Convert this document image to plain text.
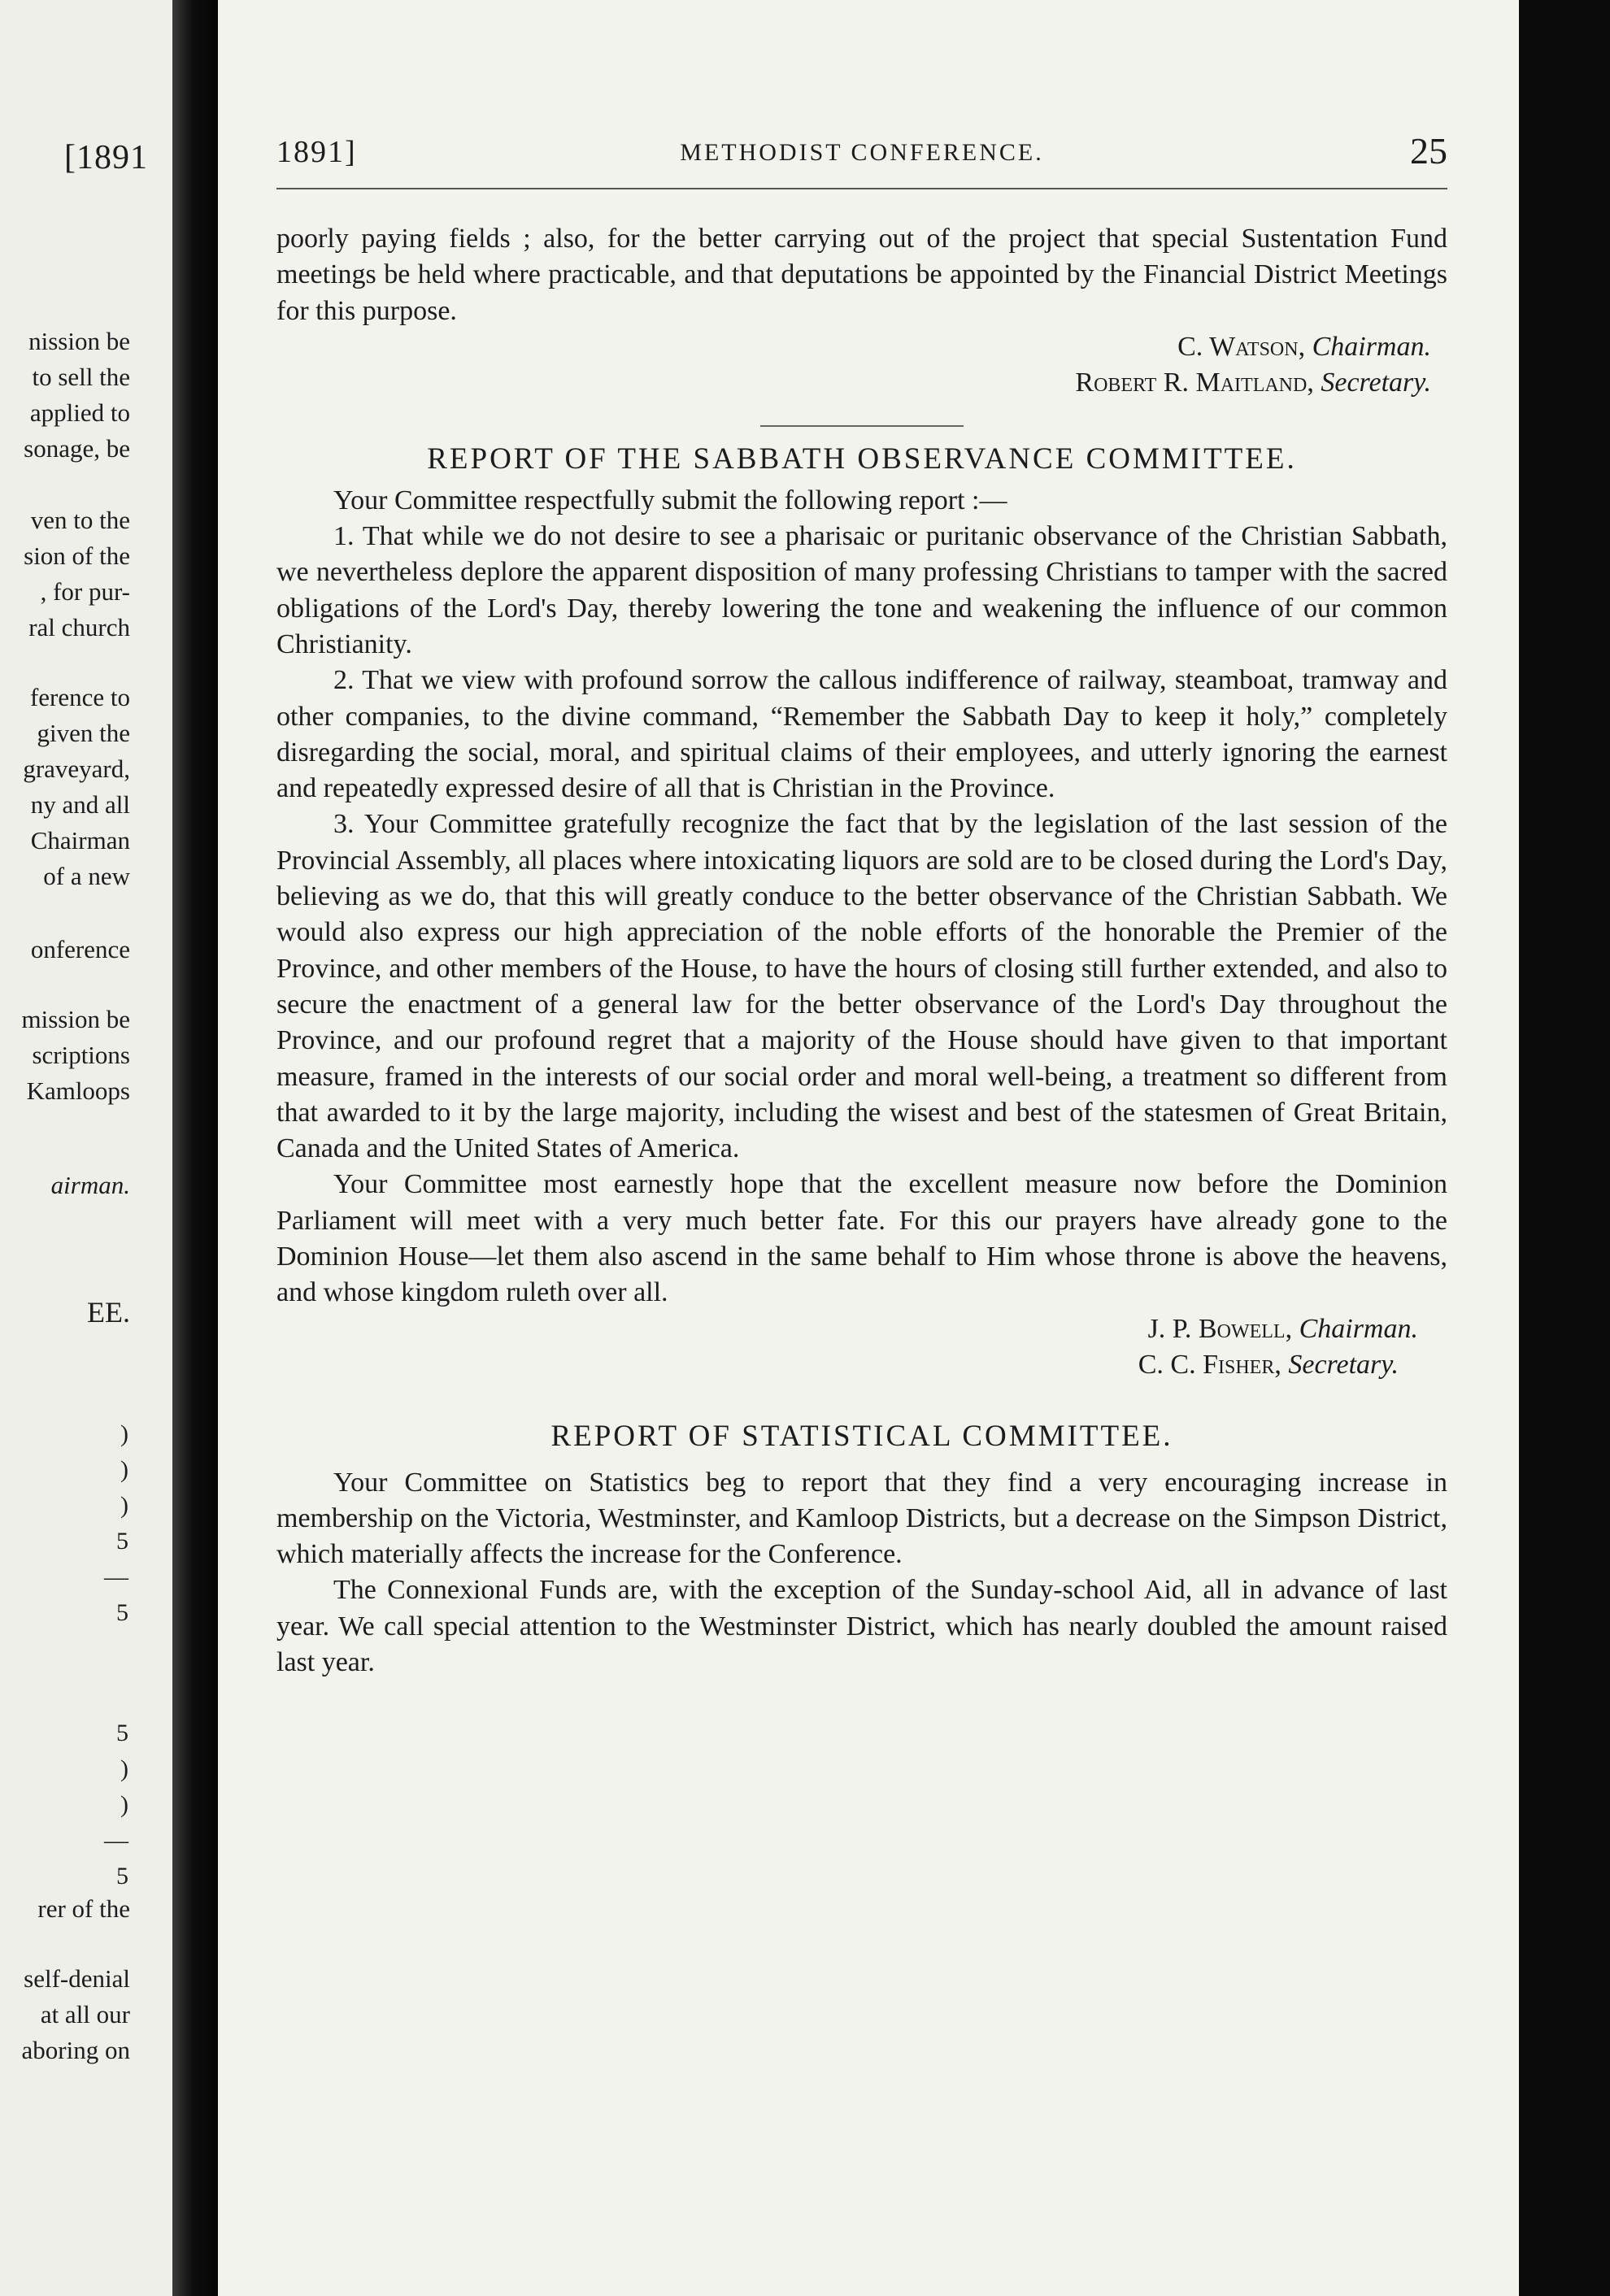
[1891
nission be
to sell the
applied to
sonage, be
ven to the
sion of the
, for pur-
ral church
ference to
given the
graveyard,
ny and all
Chairman
of a new
onference
mission be
scriptions
Kamloops
airman.
EE.
)
)
)
5
—
5
5
)
)
—
5
rer of the
self-denial
at all our
aboring on
1891]	METHODIST CONFERENCE.	25

poorly paying fields ; also, for the better carrying out of the project that special Sustentation Fund meetings be held where practicable, and that deputations be appointed by the Financial District Meetings for this purpose.

C. Watson, Chairman.

Robert R. Maitland, Secretary.

REPORT OF THE SABBATH OBSERVANCE COMMITTEE.

Your Committee respectfully submit the following report :—

1. That while we do not desire to see a pharisaic or puritanic observance of the Christian Sabbath, we nevertheless deplore the apparent disposition of many professing Christians to tamper with the sacred obligations of the Lord's Day, thereby lowering the tone and weakening the influence of our common Christianity.

2. That we view with profound sorrow the callous indifference of railway, steamboat, tramway and other companies, to the divine command, “Remember the Sabbath Day to keep it holy,” completely disregarding the social, moral, and spiritual claims of their employees, and utterly ignoring the earnest and repeatedly expressed desire of all that is Christian in the Province.

3. Your Committee gratefully recognize the fact that by the legislation of the last session of the Provincial Assembly, all places where intoxicating liquors are sold are to be closed during the Lord's Day, believing as we do, that this will greatly conduce to the better observance of the Christian Sabbath. We would also express our high appreciation of the noble efforts of the honorable the Premier of the Province, and other members of the House, to have the hours of closing still further extended, and also to secure the enactment of a general law for the better observance of the Lord's Day throughout the Province, and our profound regret that a majority of the House should have given to that important measure, framed in the interests of our social order and moral well-being, a treatment so different from that awarded to it by the large majority, including the wisest and best of the statesmen of Great Britain, Canada and the United States of America.

Your Committee most earnestly hope that the excellent measure now before the Dominion Parliament will meet with a very much better fate. For this our prayers have already gone to the Dominion House—let them also ascend in the same behalf to Him whose throne is above the heavens, and whose kingdom ruleth over all.

J. P. Bowell, Chairman.

C. C. Fisher, Secretary.

REPORT OF STATISTICAL COMMITTEE.

Your Committee on Statistics beg to report that they find a very encouraging increase in membership on the Victoria, Westminster, and Kamloop Districts, but a decrease on the Simpson District, which materially affects the increase for the Conference.

The Connexional Funds are, with the exception of the Sunday-school Aid, all in advance of last year. We call special attention to the Westminster District, which has nearly doubled the amount raised last year.
